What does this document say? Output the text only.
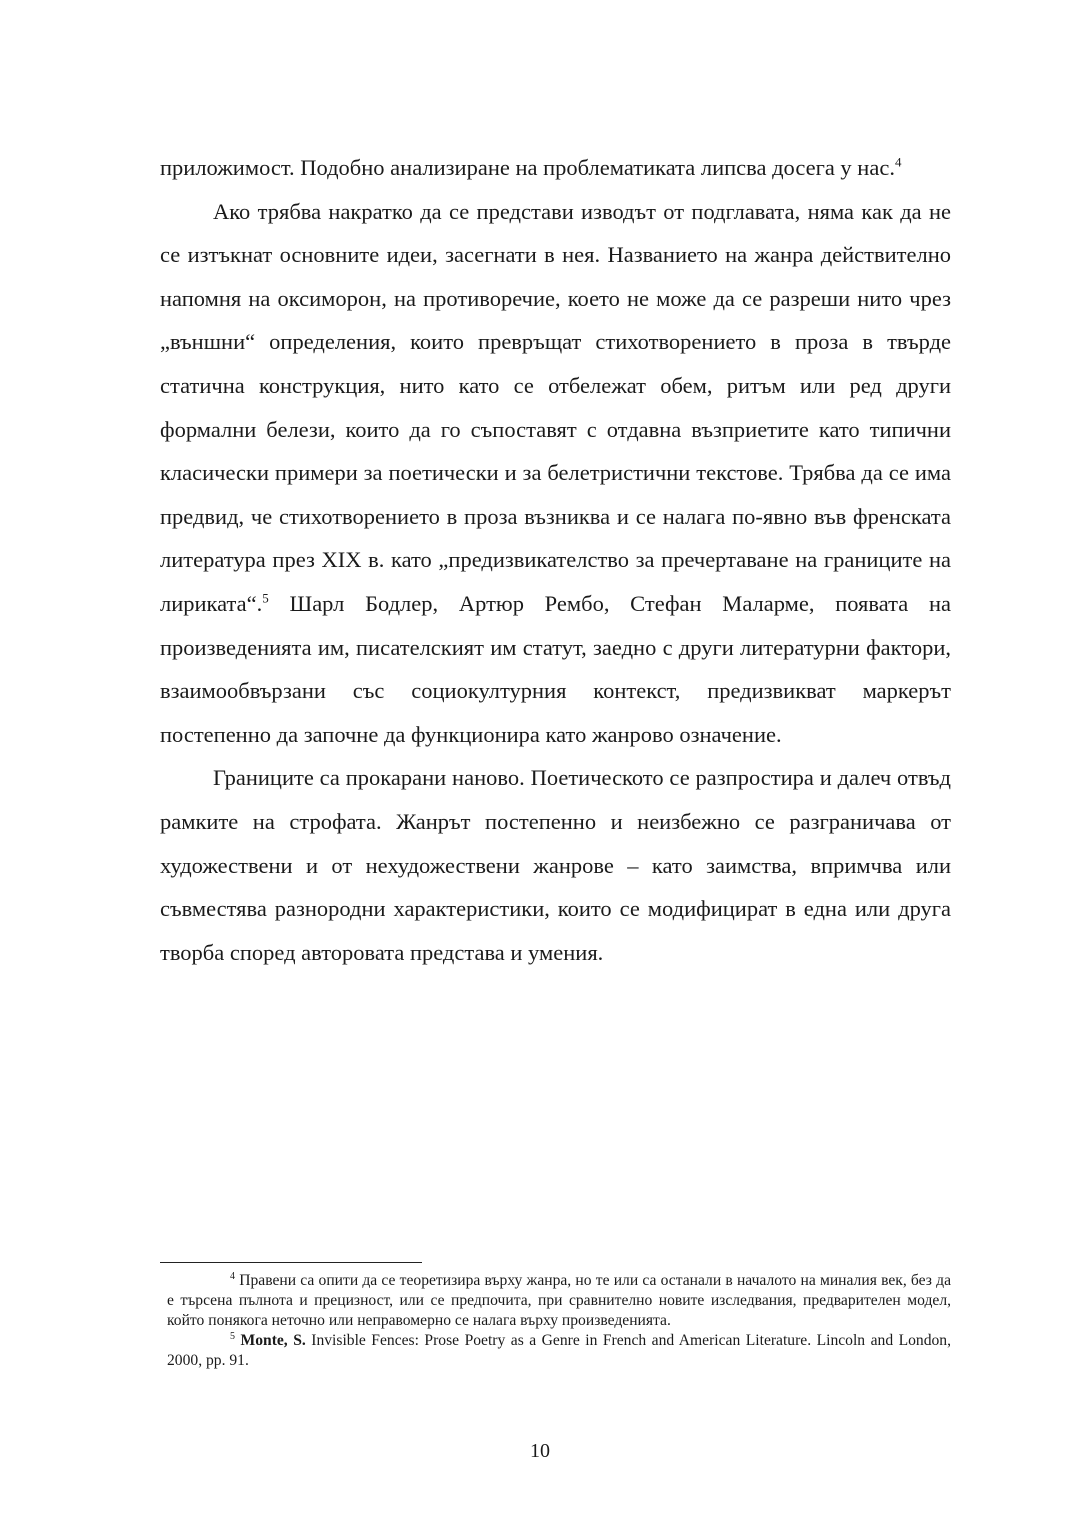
приложимост. Подобно анализиране на проблематиката липсва досега у нас.$^4$

Ако трябва накратко да се представи изводът от подглавата, няма как да не се изтъкнат основните идеи, засегнати в нея. Названието на жанра действително напомня на оксиморон, на противоречие, което не може да се разреши нито чрез „външни“ определения, които превръщат стихотворението в проза в твърде статична конструкция, нито като се отбележат обем, ритъм или ред други формални белези, които да го съпоставят с отдавна възприетите като типични класически примери за поетически и за белетристични текстове. Трябва да се има предвид, че стихотворението в проза възниква и се налага по-явно във френската литература през XIX в. като „предизвикателство за пречертаване на границите на лириката“.$^5$ Шарл Бодлер, Артюр Рембо, Стефан Маларме, появата на произведенията им, писателският им статут, заедно с други литературни фактори, взаимообвързани със социокултурния контекст, предизвикват маркерът постепенно да започне да функционира като жанрово означение.

Границите са прокарани наново. Поетическото се разпростира и далеч отвъд рамките на строфата. Жанрът постепенно и неизбежно се разграничава от художествени и от нехудожествени жанрове – като заимства, впримчва или съвместява разнородни характеристики, които се модифицират в една или друга творба според авторовата представа и умения.

$^4$ Правени са опити да се теоретизира върху жанра, но те или са останали в началото на миналия век, без да е търсена пълнота и прецизност, или се предпочита, при сравнително новите изследвания, предварителен модел, който понякога неточно или неправомерно се налага върху произведенията.

$^5$ Monte, S. Invisible Fences: Prose Poetry as a Genre in French and American Literature. Lincoln and London, 2000, pp. 91.

10
